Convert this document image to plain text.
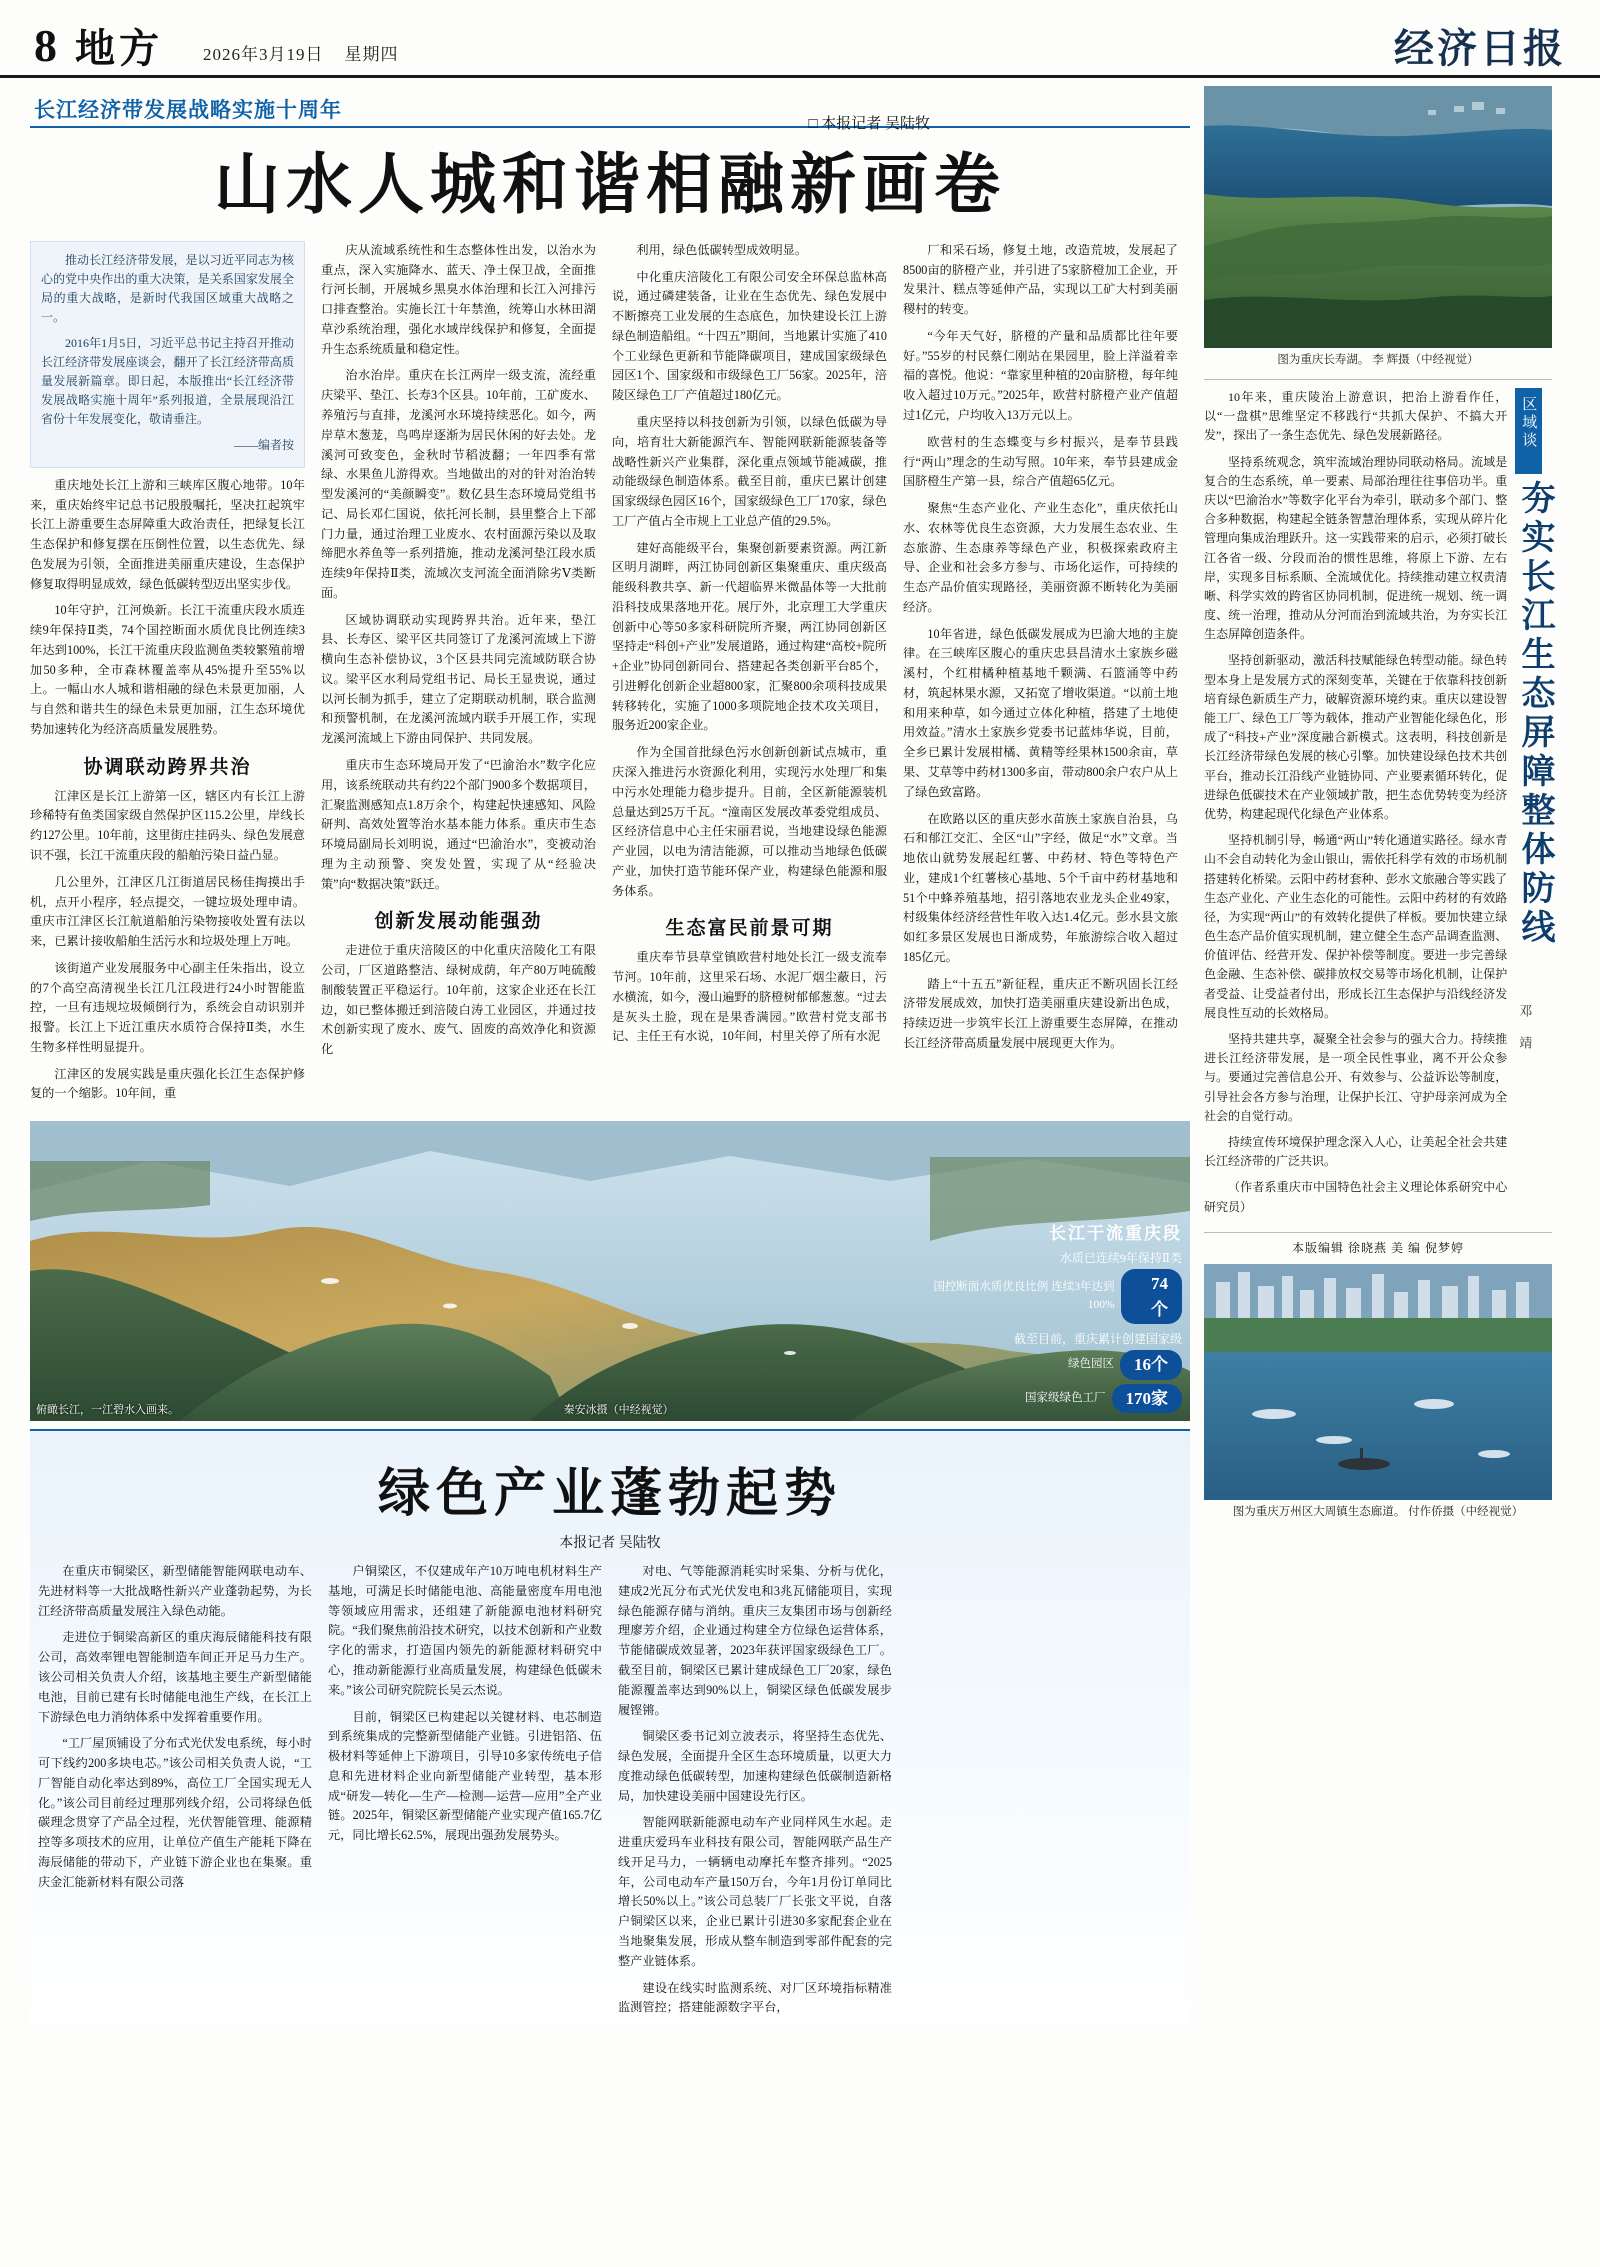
8 地方 2026年3月19日 星期四	经济日报
长江经济带发展战略实施十周年
□ 本报记者 吴陆牧
山水人城和谐相融新画卷

推动长江经济带发展，是以习近平同志为核心的党中央作出的重大决策，是关系国家发展全局的重大战略，是新时代我国区域重大战略之一。

2016年1月5日，习近平总书记主持召开推动长江经济带发展座谈会，翻开了长江经济带高质量发展新篇章。即日起，本版推出“长江经济带发展战略实施十周年”系列报道，全景展现沿江省份十年发展变化，敬请垂注。

——编者按

重庆地处长江上游和三峡库区腹心地带。10年来，重庆始终牢记总书记殷殷嘱托，坚决扛起筑牢长江上游重要生态屏障重大政治责任，把绿复长江生态保护和修复摆在压倒性位置，以生态优先、绿色发展为引领，全面推进美丽重庆建设，生态保护修复取得明显成效，绿色低碳转型迈出坚实步伐。

10年守护，江河焕新。长江干流重庆段水质连续9年保持Ⅱ类，74个国控断面水质优良比例连续3年达到100%，长江干流重庆段监测鱼类较繁殖前增加50多种，全市森林覆盖率从45%提升至55%以上。一幅山水人城和谐相融的绿色未景更加丽，人与自然和谐共生的绿色未景更加丽，江生态环境优势加速转化为经济高质量发展胜势。

协调联动跨界共治

江津区是长江上游第一区，辖区内有长江上游珍稀特有鱼类国家级自然保护区115.2公里，岸线长约127公里。10年前，这里街庄挂码头、绿色发展意识不强，长江干流重庆段的船舶污染日益凸显。

几公里外，江津区几江街道居民杨佳掏摸出手机，点开小程序，轻点提交，一键垃圾处理申请。重庆市江津区长江航道船舶污染物接收处置有法以来，已累计接收船舶生活污水和垃圾处理上万吨。

该街道产业发展服务中心副主任朱指出，设立的7个高空高清视坐长江几江段进行24小时智能监控，一旦有违规垃圾倾倒行为，系统会自动识别并报警。长江上下近江重庆水质符合保持Ⅱ类，水生生物多样性明显提升。

江津区的发展实践是重庆强化长江生态保护修复的一个缩影。10年间，重

庆从流域系统性和生态整体性出发，以治水为重点，深入实施降水、蓝天、净土保卫战，全面推行河长制，开展城乡黑臭水体治理和长江入河排污口排查整治。实施长江十年禁渔，统筹山水林田湖草沙系统治理，强化水域岸线保护和修复，全面提升生态系统质量和稳定性。

治水治岸。重庆在长江两岸一级支流，流经重庆梁平、垫江、长寿3个区县。10年前，工矿废水、养殖污与直排，龙溪河水环境持续恶化。如今，两岸草木葱茏，鸟鸣岸逐渐为居民休闲的好去处。龙溪河可致变色，金秋时节稻波翻；一年四季有常绿、水果鱼儿游得欢。当地做出的对的针对治治转型发溪河的“美颜瞬变”。数亿县生态环境局党组书记、局长邓仁国说，依托河长制，县里整合上下部门力量，通过治理工业废水、农村面源污染以及取缔肥水养鱼等一系列措施，推动龙溪河垫江段水质连续9年保持Ⅱ类，流域次支河流全面消除劣Ⅴ类断面。

区域协调联动实现跨界共治。近年来，垫江县、长寿区、梁平区共同签订了龙溪河流域上下游横向生态补偿协议，3个区县共同完流域防联合协议。梁平区水利局党组书记、局长王显贵说，通过以河长制为抓手，建立了定期联动机制，联合监测和预警机制，在龙溪河流域内联手开展工作，实现龙溪河流域上下游由同保护、共同发展。

重庆市生态环境局开发了“巴渝治水”数字化应用，该系统联动共有约22个部门900多个数据项目，汇聚监测感知点1.8万余个，构建起快速感知、风险研判、高效处置等治水基本能力体系。重庆市生态环境局副局长刘明说，通过“巴渝治水”，变被动治理为主动预警、突发处置，实现了从“经验决策”向“数据决策”跃迁。

创新发展动能强劲

走进位于重庆涪陵区的中化重庆涪陵化工有限公司，厂区道路整洁、绿树成荫，年产80万吨硫酸制酸装置正平稳运行。10年前，这家企业还在长江边，如已整体搬迁到涪陵白涛工业园区，并通过技术创新实现了废水、废气、固废的高效净化和资源化

利用，绿色低碳转型成效明显。

中化重庆涪陵化工有限公司安全环保总监林高说，通过磷建装备，让业在生态优先、绿色发展中不断擦亮工业发展的生态底色，加快建设长江上游绿色制造船组。“十四五”期间，当地累计实施了410个工业绿色更新和节能降碳项目，建成国家级绿色园区1个、国家级和市级绿色工厂56家。2025年，涪陵区绿色工厂产值超过180亿元。

重庆坚持以科技创新为引领，以绿色低碳为导向，培育壮大新能源汽车、智能网联新能源装备等战略性新兴产业集群，深化重点领域节能减碳，推动能级绿色制造体系。截至目前，重庆已累计创建国家级绿色园区16个，国家级绿色工厂170家，绿色工厂产值占全市规上工业总产值的29.5%。

建好高能级平台，集聚创新要素资源。两江新区明月湖畔，两江协同创新区集聚重庆、重庆级高能级科教共享、新一代超临界米微晶体等一大批前沿科技成果落地开花。展厅外，北京理工大学重庆创新中心等50多家科研院所齐聚，两江协同创新区坚持走“科创+产业”发展道路，通过构建“高校+院所+企业”协同创新同台、搭建起各类创新平台85个，引进孵化创新企业超800家，汇聚800余项科技成果转移转化，实施了1000多项院地企技术攻关项目，服务近200家企业。

作为全国首批绿色污水创新创新试点城市，重庆深入推进污水资源化利用，实现污水处理厂和集中污水处理能力稳步提升。目前，全区新能源装机总量达到25万千瓦。“潼南区发展改革委党组成员、区经济信息中心主任宋丽君说，当地建设绿色能源产业园，以电为清洁能源，可以推动当地绿色低碳产业，加快打造节能环保产业，构建绿色能源和服务体系。

生态富民前景可期

重庆奉节县草堂镇欧营村地处长江一级支流奉节河。10年前，这里采石场、水泥厂烟尘蔽日，污水横流，如今，漫山遍野的脐橙树郁郁葱葱。“过去是灰头土脸，现在是果香满园。”欧营村党支部书记、主任王有水说，10年间，村里关停了所有水泥

厂和采石场，修复土地，改造荒坡，发展起了8500亩的脐橙产业，并引进了5家脐橙加工企业，开发果汁、糕点等延伸产品，实现以工矿大村到美丽稷村的转变。

“今年天气好，脐橙的产量和品质都比往年要好。”55岁的村民蔡仁刚站在果园里，脸上洋溢着幸福的喜悦。他说：“靠家里种植的20亩脐橙，每年纯收入超过10万元。”2025年，欧营村脐橙产业产值超过1亿元，户均收入13万元以上。

欧营村的生态蝶变与乡村振兴，是奉节县践行“两山”理念的生动写照。10年来，奉节县建成金国脐橙生产第一县，综合产值超65亿元。

聚焦“生态产业化、产业生态化”，重庆依托山水、农林等优良生态资源，大力发展生态农业、生态旅游、生态康养等绿色产业，积极探索政府主导、企业和社会多方参与、市场化运作，可持续的生态产品价值实现路径，美丽资源不断转化为美丽经济。

10年省进，绿色低碳发展成为巴渝大地的主旋律。在三峡库区腹心的重庆忠县昌清水土家族乡磁溪村，个红柑橘种植基地千颗满、石篮涌等中药材，筑起林果水源，又拓宽了增收渠道。“以前土地和用来种草，如今通过立体化种植，搭建了土地使用效益。”清水土家族乡党委书记蓝炜华说，目前，全乡已累计发展柑橘、黄精等经果林1500余亩，草果、艾草等中药材1300多亩，带动800余户农户从上了绿色致富路。

在欧路以区的重庆彭水苗族土家族自治县，乌石和郁江交汇、全区“山”字经，做足“水”文章。当地依山就势发展起红薯、中药材、特色等特色产业，建成1个红薯核心基地、5个千亩中药材基地和51个中蜂养殖基地，招引落地农业龙头企业49家，村级集体经济经营性年收入达1.4亿元。彭水县文旅如红多景区发展也日渐成势，年旅游综合收入超过185亿元。

踏上“十五五”新征程，重庆正不断巩固长江经济带发展成效，加快打造美丽重庆建设新出色成，持续迈进一步筑牢长江上游重要生态屏障，在推动长江经济带高质量发展中展现更大作为。

俯瞰长江，一江碧水入画来。	秦安冰摄（中经视觉）
长江干流重庆段
水质已连续9年保持Ⅱ类
国控断面水质优良比例 连续3年达到100%
74个
截至目前，重庆累计创建国家级
绿色园区	16个
国家级绿色工厂	170家
绿色产业蓬勃起势
本报记者 吴陆牧

在重庆市铜梁区，新型储能智能网联电动车、先进材料等一大批战略性新兴产业蓬勃起势，为长江经济带高质量发展注入绿色动能。

走进位于铜梁高新区的重庆海辰储能科技有限公司，高效率锂电智能制造车间正开足马力生产。该公司相关负责人介绍，该基地主要生产新型储能电池，目前已建有长时储能电池生产线，在长江上下游绿色电力消纳体系中发挥着重要作用。

“工厂屋顶铺设了分布式光伏发电系统，每小时可下线约200多块电芯。”该公司相关负责人说，“工厂智能自动化率达到89%，高位工厂全国实现无人化。”该公司目前经过理那列线介绍，公司将绿色低碳理念贯穿了产品全过程，光伏智能管理、能源精控等多项技术的应用，让单位产值生产能耗下降在海辰储能的带动下，产业链下游企业也在集聚。重庆金汇能新材料有限公司落

户铜梁区，不仅建成年产10万吨电机材料生产基地，可满足长时储能电池、高能量密度车用电池等领域应用需求，还组建了新能源电池材料研究院。“我们聚焦前沿技术研究，以技术创新和产业数字化的需求，打造国内领先的新能源材料研究中心，推动新能源行业高质量发展，构建绿色低碳未来。”该公司研究院院长吴云杰说。

目前，铜梁区已构建起以关键材料、电芯制造到系统集成的完整新型储能产业链。引进铝箔、伍极材料等延伸上下游项目，引导10多家传统电子信息和先进材料企业向新型储能产业转型，基本形成“研发—转化—生产—检测—运营—应用”全产业链。2025年，铜梁区新型储能产业实现产值165.7亿元，同比增长62.5%，展现出强劲发展势头。

对电、气等能源消耗实时采集、分析与优化，建成2光瓦分布式光伏发电和3兆瓦储能项目，实现绿色能源存储与消纳。重庆三友集团市场与创新经理廖芳介绍，企业通过构建全方位绿色运营体系，节能储碳成效显著，2023年获评国家级绿色工厂。截至目前，铜梁区已累计建成绿色工厂20家，绿色能源覆盖率达到90%以上，铜梁区绿色低碳发展步履铿锵。

铜梁区委书记刘立波表示，将坚持生态优先、绿色发展，全面提升全区生态环境质量，以更大力度推动绿色低碳转型，加速构建绿色低碳制造新格局，加快建设美丽中国建设先行区。

智能网联新能源电动车产业同样风生水起。走进重庆爱玛车业科技有限公司，智能网联产品生产线开足马力，一辆辆电动摩托车整齐排列。“2025年，公司电动车产量150万台，今年1月份订单同比增长50%以上。”该公司总装厂厂长张文平说，自落户铜梁区以来，企业已累计引进30多家配套企业在当地聚集发展，形成从整车制造到零部件配套的完整产业链体系。

建设在线实时监测系统、对厂区环境指标精准监测管控；搭建能源数字平台，

图为重庆长寿湖。 李 辉摄（中经视觉）
区域谈
夯实长江生态屏障整体防线
邓 靖

10年来，重庆陵治上游意识，把治上游看作任，以“一盘棋”思维坚定不移践行“共抓大保护、不搞大开发”，探出了一条生态优先、绿色发展新路径。

坚持系统观念，筑牢流域治理协同联动格局。流域是复合的生态系统，单一要素、局部治理往往事倍功半。重庆以“巴渝治水”等数字化平台为牵引，联动多个部门、整合多种数据，构建起全链条智慧治理体系，实现从碎片化管理向集成治理跃升。这一实践带来的启示，必须打破长江各省一级、分段而治的惯性思维，将原上下游、左右岸，实现多目标系顺、全流域优化。持续推动建立权责清晰、科学实效的跨省区协同机制，促进统一规划、统一调度、统一治理，推动从分河而治到流域共治，为夯实长江生态屏障创造条件。

坚持创新驱动，激活科技赋能绿色转型动能。绿色转型本身上是发展方式的深刻变革，关键在于依靠科技创新培育绿色新质生产力，破解资源环境约束。重庆以建设智能工厂、绿色工厂等为载体，推动产业智能化绿色化，形成了“科技+产业”深度融合新模式。这表明，科技创新是长江经济带绿色发展的核心引擎。加快建设绿色技术共创平台，推动长江沿线产业链协同、产业要素循环转化，促进绿色低碳技术在产业领域扩散，把生态优势转变为经济优势，构建起现代化绿色产业体系。

坚持机制引导，畅通“两山”转化通道实路径。绿水青山不会自动转化为金山银山，需依托科学有效的市场机制搭建转化桥梁。云阳中药材套种、彭水文旅融合等实践了生态产业化、产业生态化的可能性。云阳中药材的有效路径，为实现“两山”的有效转化提供了样板。要加快建立绿色生态产品价值实现机制，建立健全生态产品调查监测、价值评估、经营开发、保护补偿等制度。要进一步完善绿色金融、生态补偿、碳排放权交易等市场化机制，让保护者受益、让受益者付出，形成长江生态保护与沿线经济发展良性互动的长效格局。

坚持共建共享，凝聚全社会参与的强大合力。持续推进长江经济带发展，是一项全民性事业，离不开公众参与。要通过完善信息公开、有效参与、公益诉讼等制度，引导社会各方参与治理，让保护长江、守护母亲河成为全社会的自觉行动。

持续宣传环境保护理念深入人心，让美起全社会共建长江经济带的广泛共识。

（作者系重庆市中国特色社会主义理论体系研究中心研究员）

本版编辑 徐晓燕 美 编 倪梦婷
图为重庆万州区大周镇生态廊道。 付作侨摄（中经视觉）
